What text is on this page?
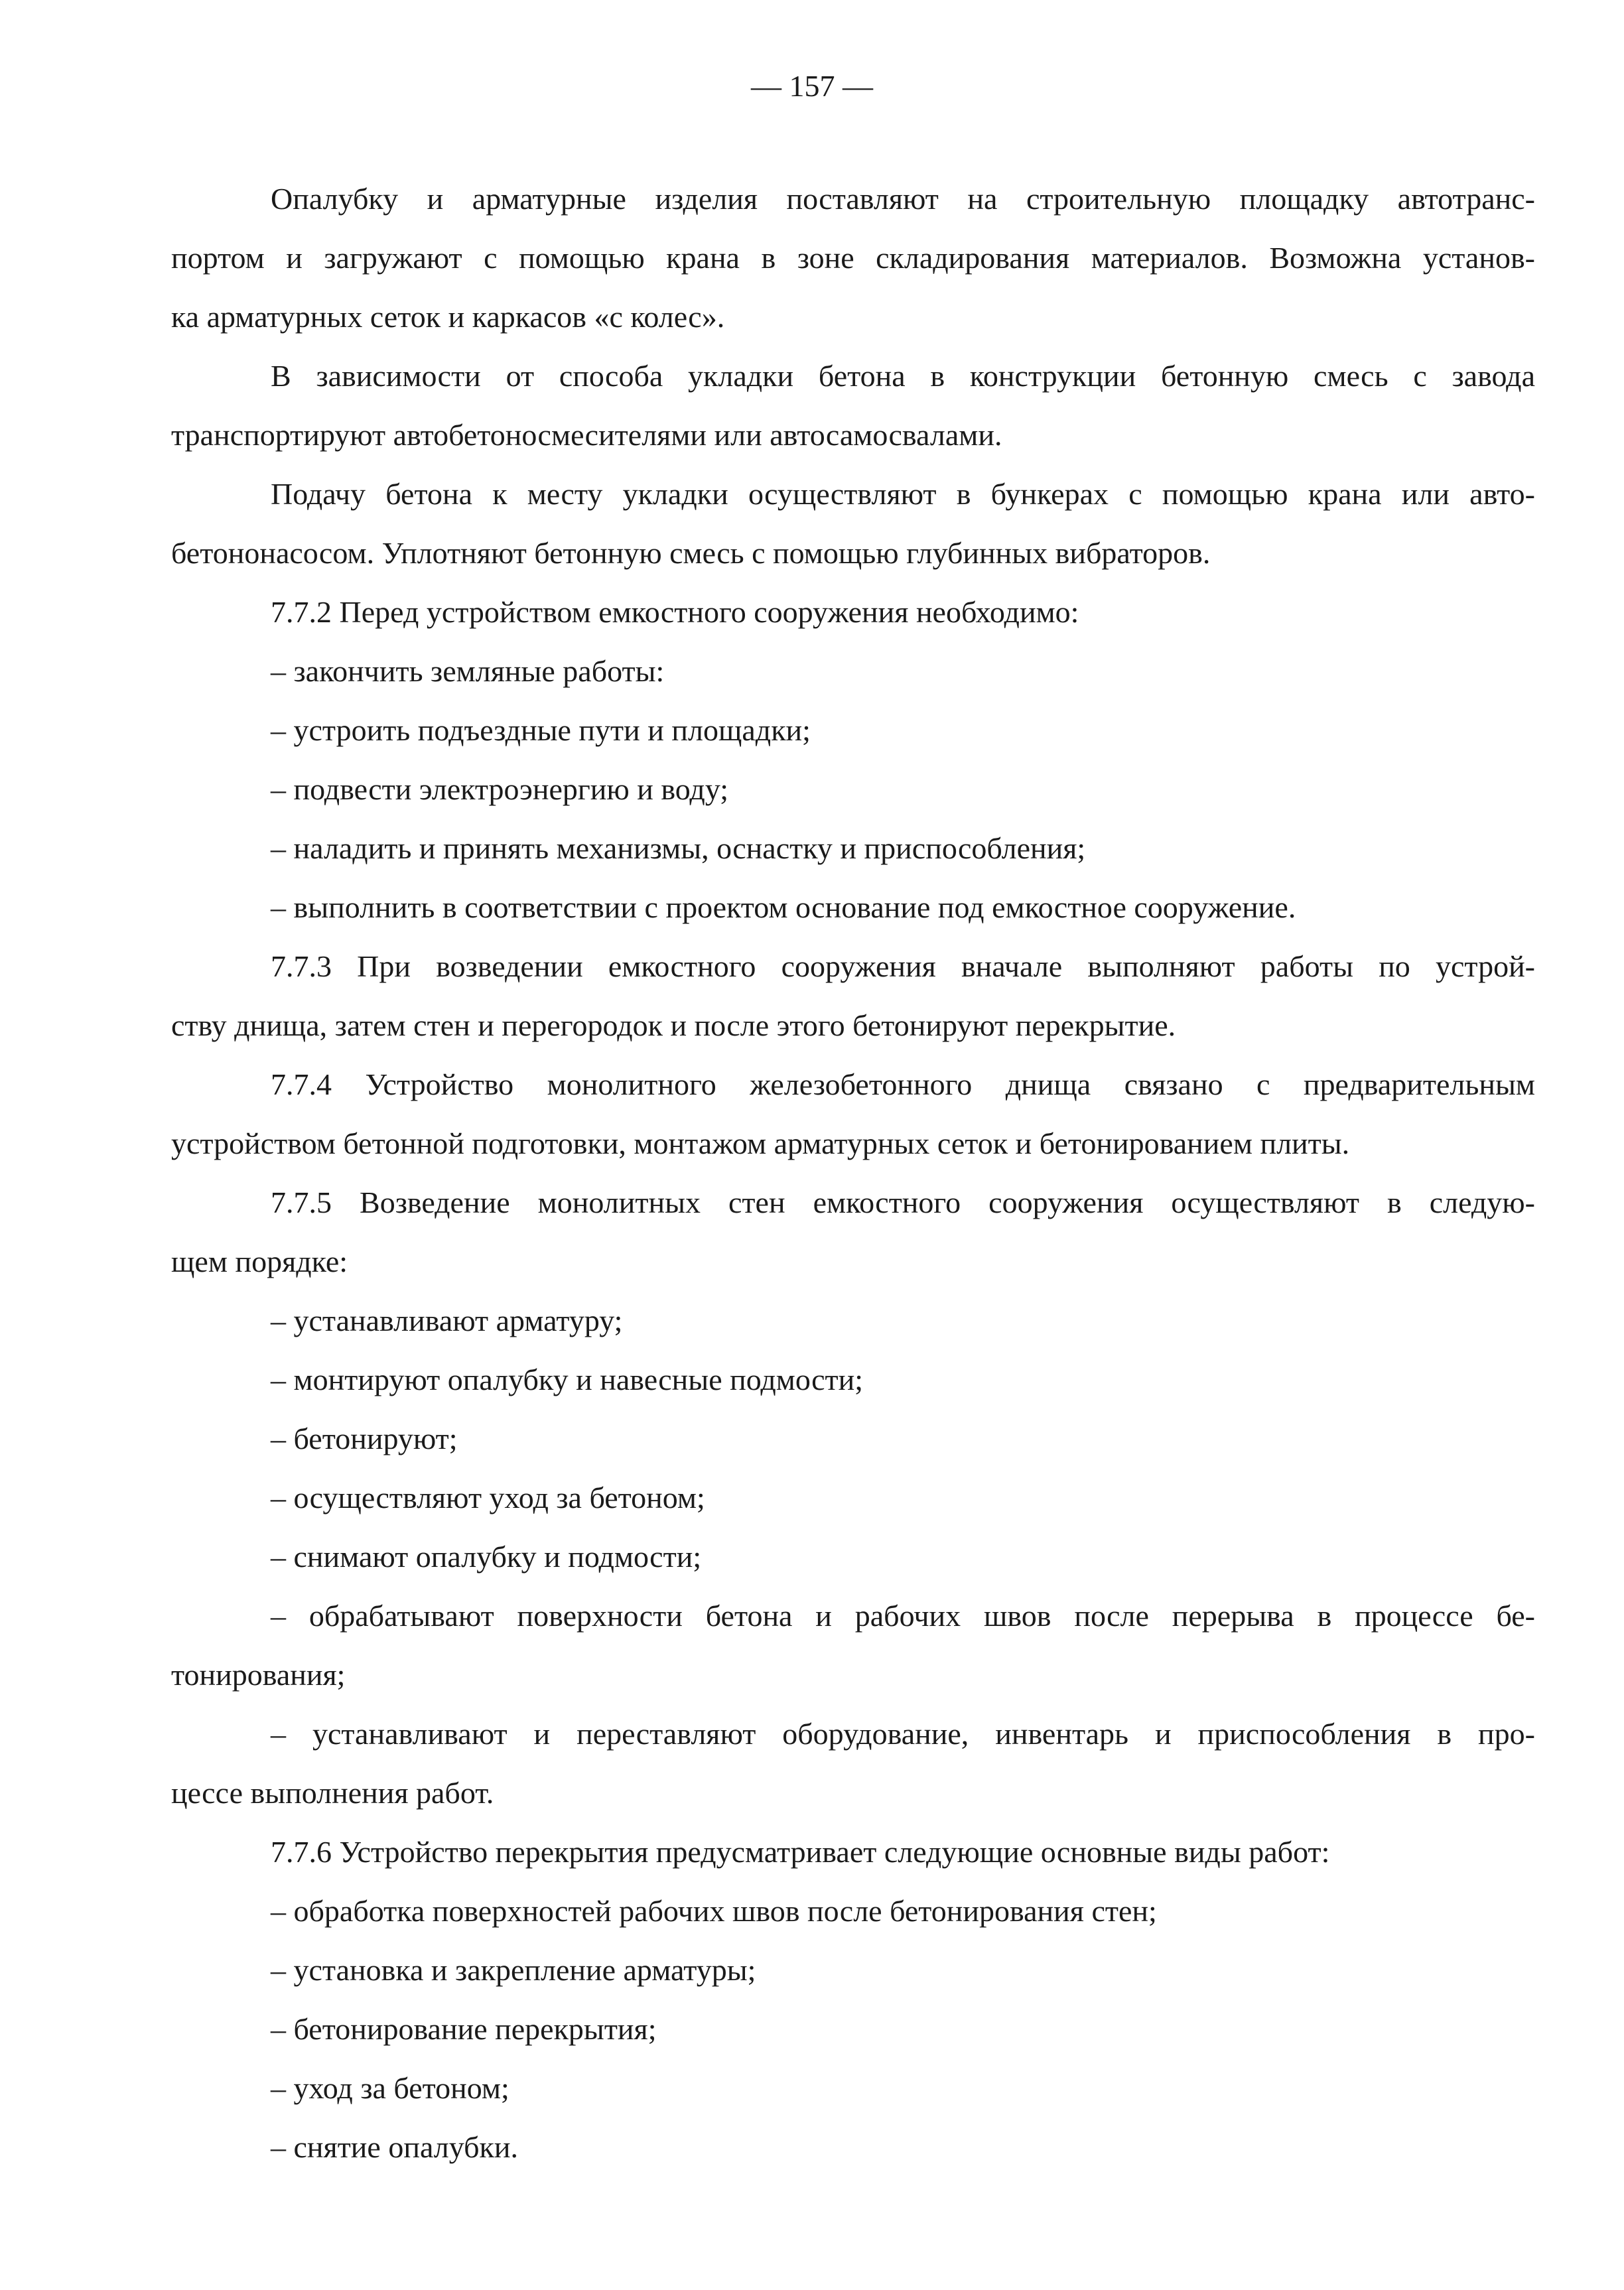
— 157 —
Опалубку и арматурные изделия поставляют на строительную площадку автотранс-
портом и загружают с помощью крана в зоне складирования материалов. Возможна установ-
ка арматурных сеток и каркасов «с колес».
В зависимости от способа укладки бетона в конструкции бетонную смесь с завода
транспортируют автобетоносмесителями или автосамосвалами.
Подачу бетона к месту укладки осуществляют в бункерах с помощью крана или авто-
бетононасосом. Уплотняют бетонную смесь с помощью глубинных вибраторов.
7.7.2 Перед устройством емкостного сооружения необходимо:
– закончить земляные работы:
– устроить подъездные пути и площадки;
– подвести электроэнергию и воду;
– наладить и принять механизмы, оснастку и приспособления;
– выполнить в соответствии с проектом основание под емкостное сооружение.
7.7.3 При возведении емкостного сооружения вначале выполняют работы по устрой-
ству днища, затем стен и перегородок и после этого бетонируют перекрытие.
7.7.4 Устройство монолитного железобетонного днища связано с предварительным
устройством бетонной подготовки, монтажом арматурных сеток и бетонированием плиты.
7.7.5 Возведение монолитных стен емкостного сооружения осуществляют в следую-
щем порядке:
– устанавливают арматуру;
– монтируют опалубку и навесные подмости;
– бетонируют;
– осуществляют уход за бетоном;
– снимают опалубку и подмости;
– обрабатывают поверхности бетона и рабочих швов после перерыва в процессе бе-
тонирования;
– устанавливают и переставляют оборудование, инвентарь и приспособления в про-
цессе выполнения работ.
7.7.6 Устройство перекрытия предусматривает следующие основные виды работ:
– обработка поверхностей рабочих швов после бетонирования стен;
– установка и закрепление арматуры;
– бетонирование перекрытия;
– уход за бетоном;
– снятие опалубки.
